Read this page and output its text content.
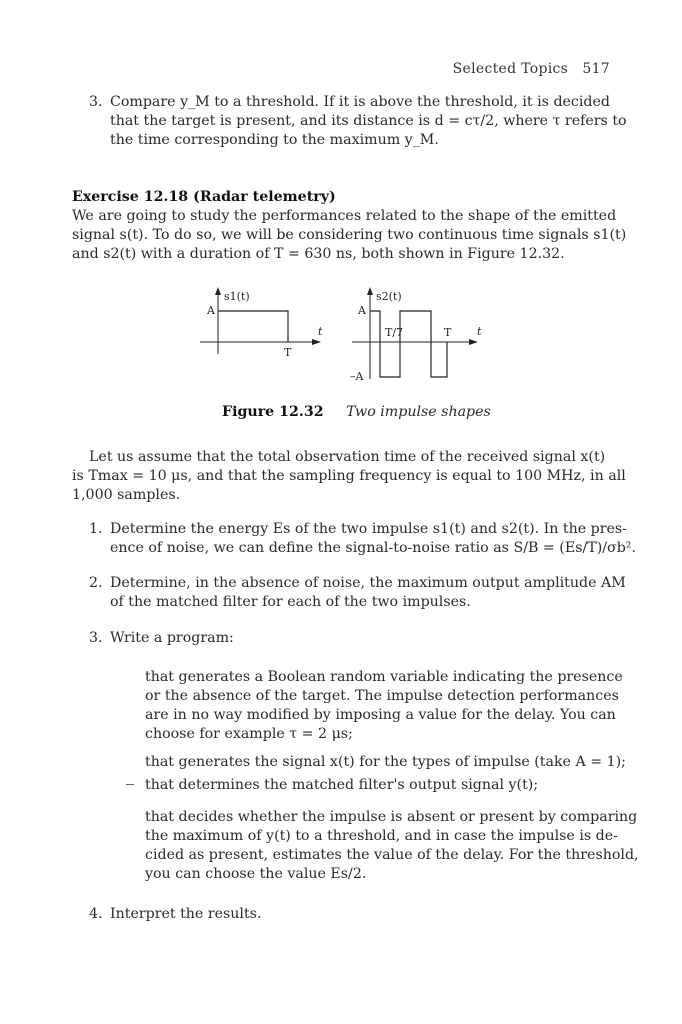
Selected Topics 517
3. Compare y_M to a threshold. If it is above the threshold, it is decided
that the target is present, and its distance is d = cτ/2, where τ refers to
the time corresponding to the maximum y_M.
Exercise 12.18 (Radar telemetry)
We are going to study the performances related to the shape of the emitted
signal s(t). To do so, we will be considering two continuous time signals s1(t)
and s2(t) with a duration of T = 630 ns, both shown in Figure 12.32.
s1(t)
A
t
T
s2(t)
A
–A
T/7	T t
Figure 12.32 Two impulse shapes
Let us assume that the total observation time of the received signal x(t)
is Tmax = 10 μs, and that the sampling frequency is equal to 100 MHz, in all
1,000 samples.
1. Determine the energy Es of the two impulse s1(t) and s2(t). In the pres-
ence of noise, we can define the signal-to-noise ratio as S/B = (Es/T)/σb².
2. Determine, in the absence of noise, the maximum output amplitude AM
of the matched filter for each of the two impulses.
3. Write a program:
that generates a Boolean random variable indicating the presence
or the absence of the target. The impulse detection performances
are in no way modified by imposing a value for the delay. You can
choose for example τ = 2 μs;
that generates the signal x(t) for the types of impulse (take A = 1);
that determines the matched filter's output signal y(t);
that decides whether the impulse is absent or present by comparing
the maximum of y(t) to a threshold, and in case the impulse is de-
cided as present, estimates the value of the delay. For the threshold,
you can choose the value Es/2.
4. Interpret the results.
